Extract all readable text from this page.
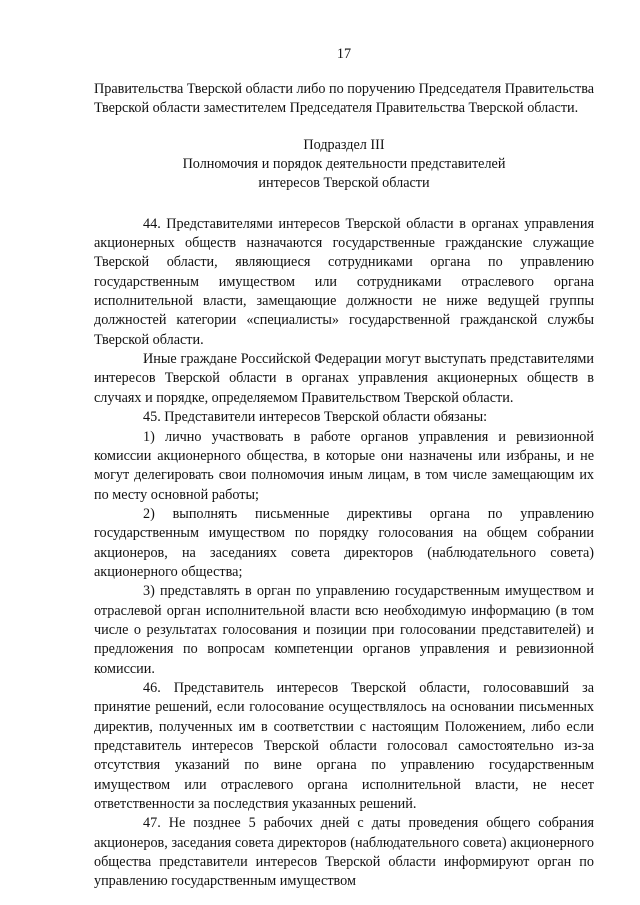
17

Правительства Тверской области либо по поручению Председателя Правительства Тверской области заместителем Председателя Правительства Тверской области.

Подраздел III
Полномочия и порядок деятельности представителей
интересов Тверской области

44. Представителями интересов Тверской области в органах управления акционерных обществ назначаются государственные гражданские служащие Тверской области, являющиеся сотрудниками органа по управлению государственным имуществом или сотрудниками отраслевого органа исполнительной власти, замещающие должности не ниже ведущей группы должностей категории «специалисты» государственной гражданской службы Тверской области.

Иные граждане Российской Федерации могут выступать представителями интересов Тверской области в органах управления акционерных обществ в случаях и порядке, определяемом Правительством Тверской области.

45. Представители интересов Тверской области обязаны:

1) лично участвовать в работе органов управления и ревизионной комиссии акционерного общества, в которые они назначены или избраны, и не могут делегировать свои полномочия иным лицам, в том числе замещающим их по месту основной работы;

2) выполнять письменные директивы органа по управлению государственным имуществом по порядку голосования на общем собрании акционеров, на заседаниях совета директоров (наблюдательного совета) акционерного общества;

3) представлять в орган по управлению государственным имуществом и отраслевой орган исполнительной власти всю необходимую информацию (в том числе о результатах голосования и позиции при голосовании представителей) и предложения по вопросам компетенции органов управления и ревизионной комиссии.

46. Представитель интересов Тверской области, голосовавший за принятие решений, если голосование осуществлялось на основании письменных директив, полученных им в соответствии с настоящим Положением, либо если представитель интересов Тверской области голосовал самостоятельно из-за отсутствия указаний по вине органа по управлению государственным имуществом или отраслевого органа исполнительной власти, не несет ответственности за последствия указанных решений.

47. Не позднее 5 рабочих дней с даты проведения общего собрания акционеров, заседания совета директоров (наблюдательного совета) акционерного общества представители интересов Тверской области информируют орган по управлению государственным имуществом
